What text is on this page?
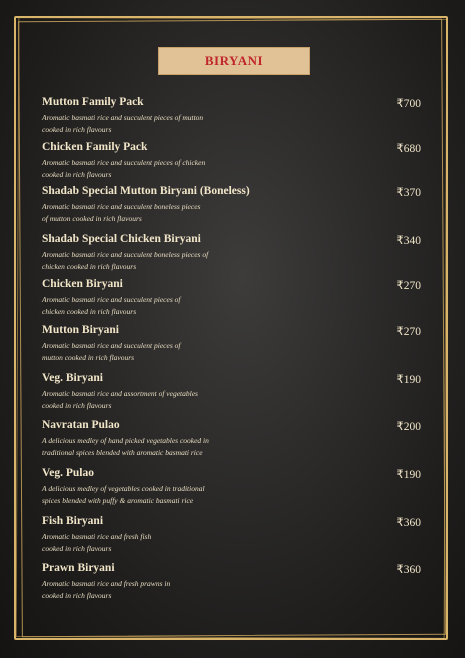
BIRYANI
Mutton Family Pack	₹700
Aromatic basmati rice and succulent pieces of mutton
cooked in rich flavours
Chicken Family Pack	₹680
Aromatic basmati rice and succulent pieces of chicken
cooked in rich flavours
Shadab Special Mutton Biryani (Boneless)	₹370
Aromatic basmati rice and succulent boneless pieces
of mutton cooked in rich flavours
Shadab Special Chicken Biryani	₹340
Aromatic basmati rice and succulent boneless pieces of
chicken cooked in rich flavours
Chicken Biryani	₹270
Aromatic basmati rice and succulent pieces of
chicken cooked in rich flavours
Mutton Biryani	₹270
Aromatic basmati rice and succulent pieces of
mutton cooked in rich flavours
Veg. Biryani	₹190
Aromatic basmati rice and assortment of vegetables
cooked in rich flavours
Navratan Pulao	₹200
A delicious medley of hand picked vegetables cooked in
traditional spices blended with aromatic basmati rice
Veg. Pulao	₹190
A delicious medley of vegetables cooked in traditional
spices blended with puffy & aromatic basmati rice
Fish Biryani	₹360
Aromatic basmati rice and fresh fish
cooked in rich flavours
Prawn Biryani	₹360
Aromatic basmati rice and fresh prawns in
cooked in rich flavours
